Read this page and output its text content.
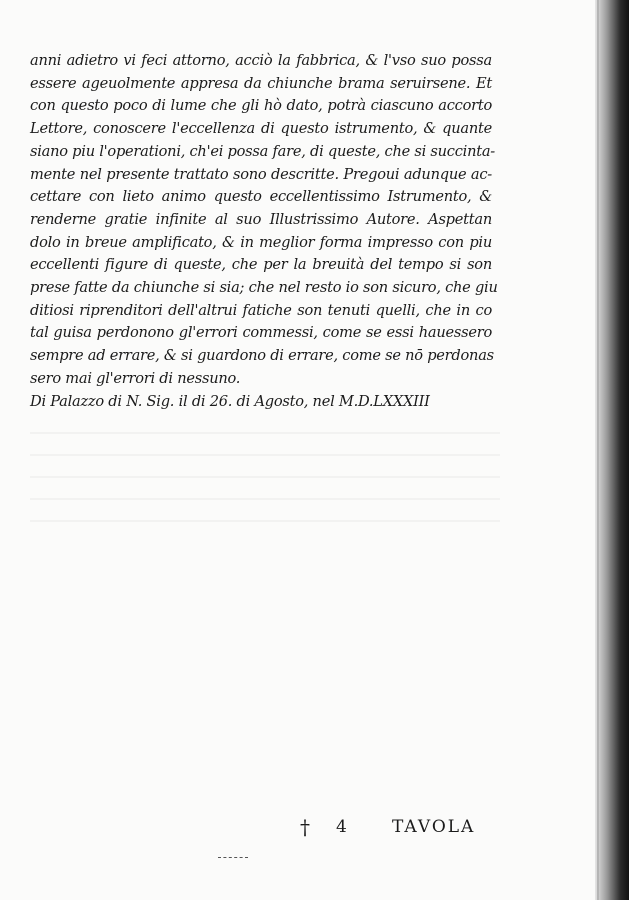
anni adietro vi feci attorno, acciò la fabbrica, & l'vso suo possa
essere ageuolmente appresa da chiunche brama seruirsene. Et
con questo poco di lume che gli hò dato, potrà ciascuno accorto
Lettore, conoscere l'eccellenza di questo istrumento, & quante
siano piu l'operationi, ch'ei possa fare, di queste, che si succinta-
mente nel presente trattato sono descritte. Pregoui adunque ac-
cettare con lieto animo questo eccellentissimo Istrumento, &
renderne gratie infinite al suo Illustrissimo Autore. Aspettan
dolo in breue amplificato, & in meglior forma impresso con piu
eccellenti figure di queste, che per la breuità del tempo si son
prese fatte da chiunche si sia; che nel resto io son sicuro, che giu
ditiosi riprenditori dell'altrui fatiche son tenuti quelli, che in co
tal guisa perdonono gl'errori commessi, come se essi hauessero
sempre ad errare, & si guardono di errare, come se nō perdonas
sero mai gl'errori di nessuno.
Di Palazzo di N. Sig. il di 26. di Agosto, nel M.D.LXXXIII
† 4	TAVOLA
